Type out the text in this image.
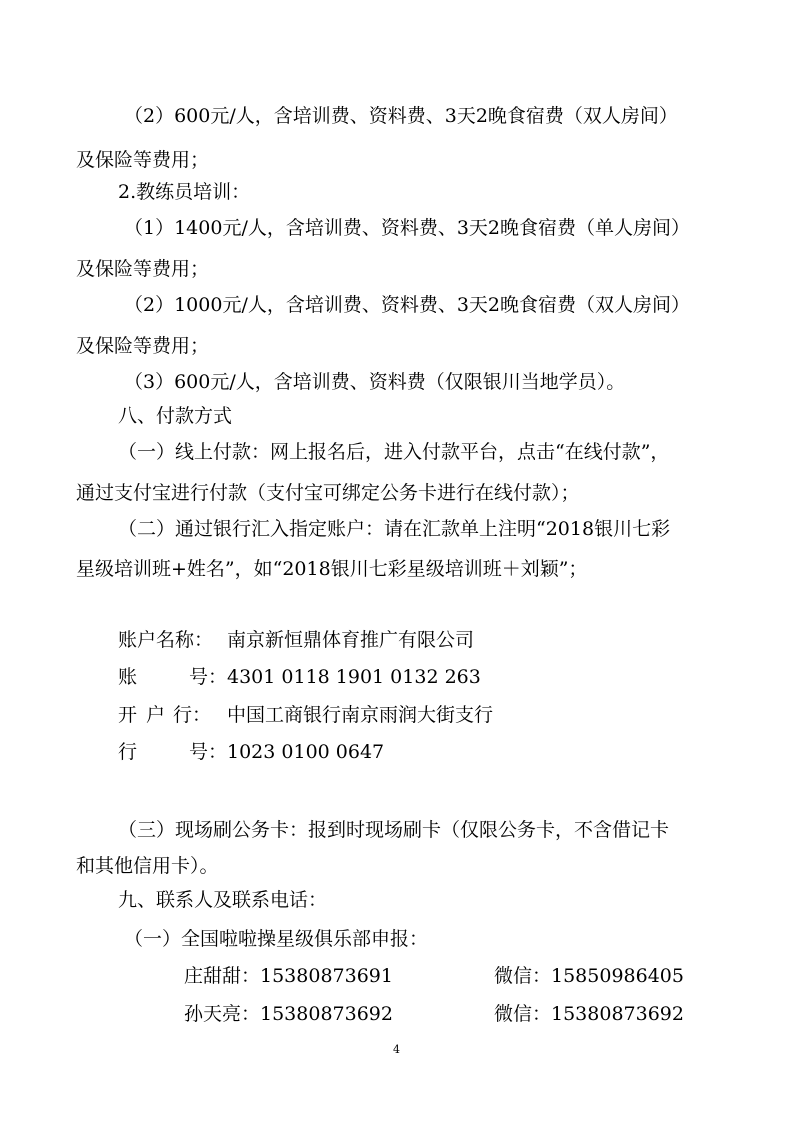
（2）600元/人，含培训费、资料费、3天2晚食宿费（双人房间）
及保险等费用；
2.教练员培训：
（1）1400元/人，含培训费、资料费、3天2晚食宿费（单人房间）
及保险等费用；
（2）1000元/人，含培训费、资料费、3天2晚食宿费（双人房间）
及保险等费用；
（3）600元/人，含培训费、资料费（仅限银川当地学员）。
八、付款方式
（一）线上付款：网上报名后，进入付款平台，点击“在线付款”，
通过支付宝进行付款（支付宝可绑定公务卡进行在线付款）；
（二）通过银行汇入指定账户：请在汇款单上注明“2018银川七彩
星级培训班+姓名”，如“2018银川七彩星级培训班＋刘颖”；
账户名称： 南京新恒鼎体育推广有限公司
账	号：4301 0118 1901 0132 263
开 户 行： 中国工商银行南京雨润大街支行
行	号：1023 0100 0647
（三）现场刷公务卡：报到时现场刷卡（仅限公务卡，不含借记卡
和其他信用卡）。
九、联系人及联系电话：
（一）全国啦啦操星级俱乐部申报：
庄甜甜：15380873691	微信：15850986405
孙天亮：15380873692	微信：15380873692
4
